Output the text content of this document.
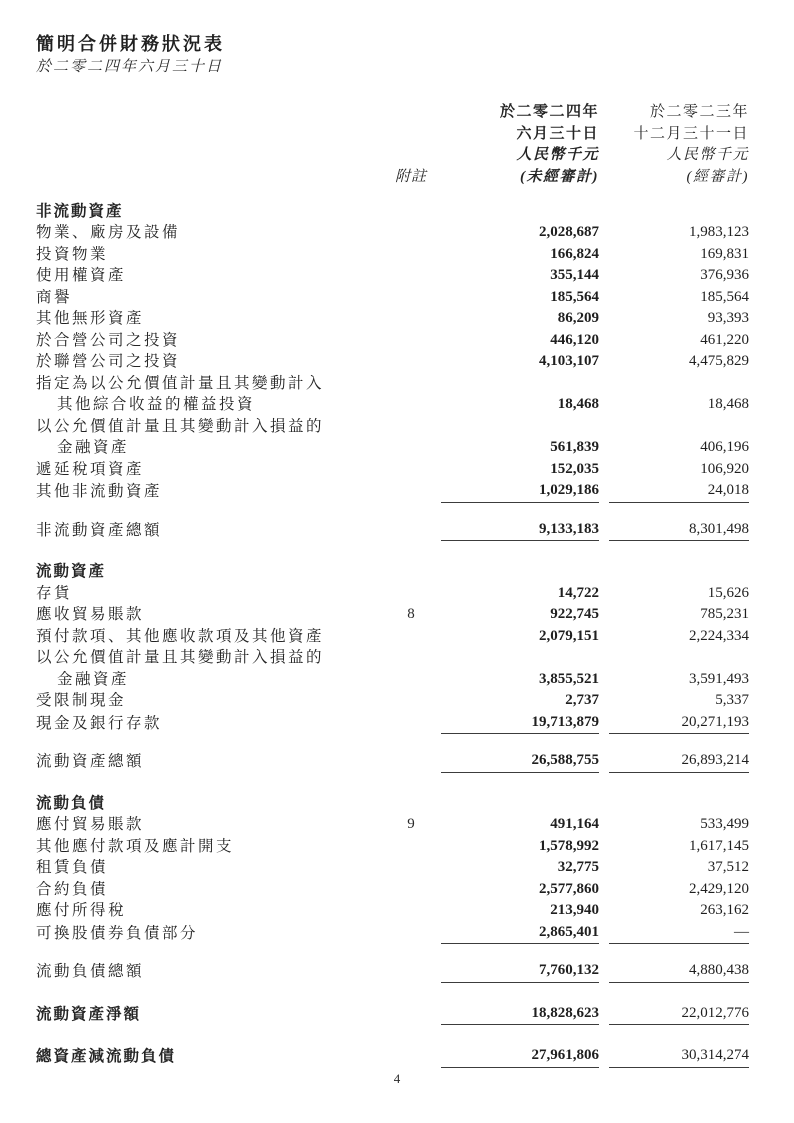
簡明合併財務狀況表
於二零二四年六月三十日
於二零二四年	於二零二三年
六月三十日	十二月三十一日
人民幣千元	人民幣千元
附註	(未經審計)	(經審計)
非流動資產
物業、廠房及設備	2,028,687	1,983,123
投資物業	166,824	169,831
使用權資產	355,144	376,936
商譽	185,564	185,564
其他無形資產	86,209	93,393
於合營公司之投資	446,120	461,220
於聯營公司之投資	4,103,107	4,475,829
指定為以公允價值計量且其變動計入
其他綜合收益的權益投資	18,468	18,468
以公允價值計量且其變動計入損益的
金融資產	561,839	406,196
遞延稅項資產	152,035	106,920
其他非流動資產	1,029,186	24,018
非流動資產總額	9,133,183	8,301,498
流動資產
存貨	14,722	15,626
應收貿易賬款	8	922,745	785,231
預付款項、其他應收款項及其他資產	2,079,151	2,224,334
以公允價值計量且其變動計入損益的
金融資產	3,855,521	3,591,493
受限制現金	2,737	5,337
現金及銀行存款	19,713,879	20,271,193
流動資產總額	26,588,755	26,893,214
流動負債
應付貿易賬款	9	491,164	533,499
其他應付款項及應計開支	1,578,992	1,617,145
租賃負債	32,775	37,512
合約負債	2,577,860	2,429,120
應付所得稅	213,940	263,162
可換股債券負債部分	2,865,401	—
流動負債總額	7,760,132	4,880,438
流動資產淨額	18,828,623	22,012,776
總資產減流動負債	27,961,806	30,314,274
4
